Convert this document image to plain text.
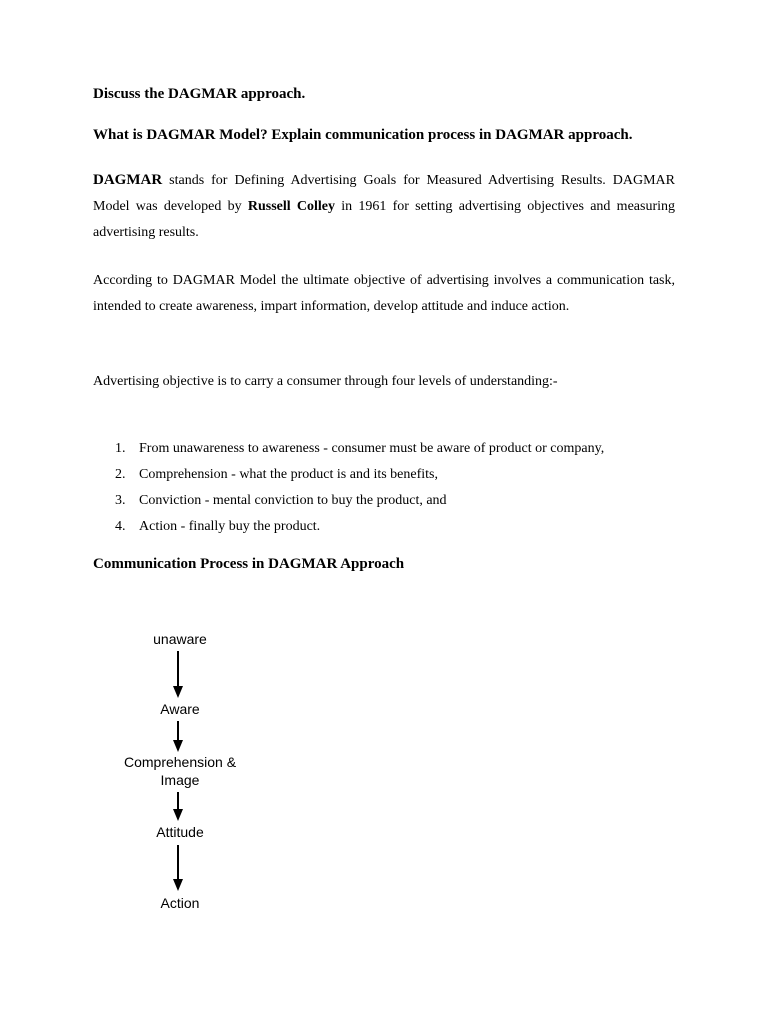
Discuss the DAGMAR approach.

What is DAGMAR Model? Explain communication process in DAGMAR approach.

DAGMAR stands for Defining Advertising Goals for Measured Advertising Results. DAGMAR Model was developed by Russell Colley in 1961 for setting advertising objectives and measuring advertising results.

According to DAGMAR Model the ultimate objective of advertising involves a communication task, intended to create awareness, impart information, develop attitude and induce action.

Advertising objective is to carry a consumer through four levels of understanding:-

1. From unawareness to awareness - consumer must be aware of product or company,
2. Comprehension - what the product is and its benefits,
3. Conviction - mental conviction to buy the product, and
4. Action - finally buy the product.

Communication Process in DAGMAR Approach

unaware
Aware
Comprehension &
Image
Attitude
Action
